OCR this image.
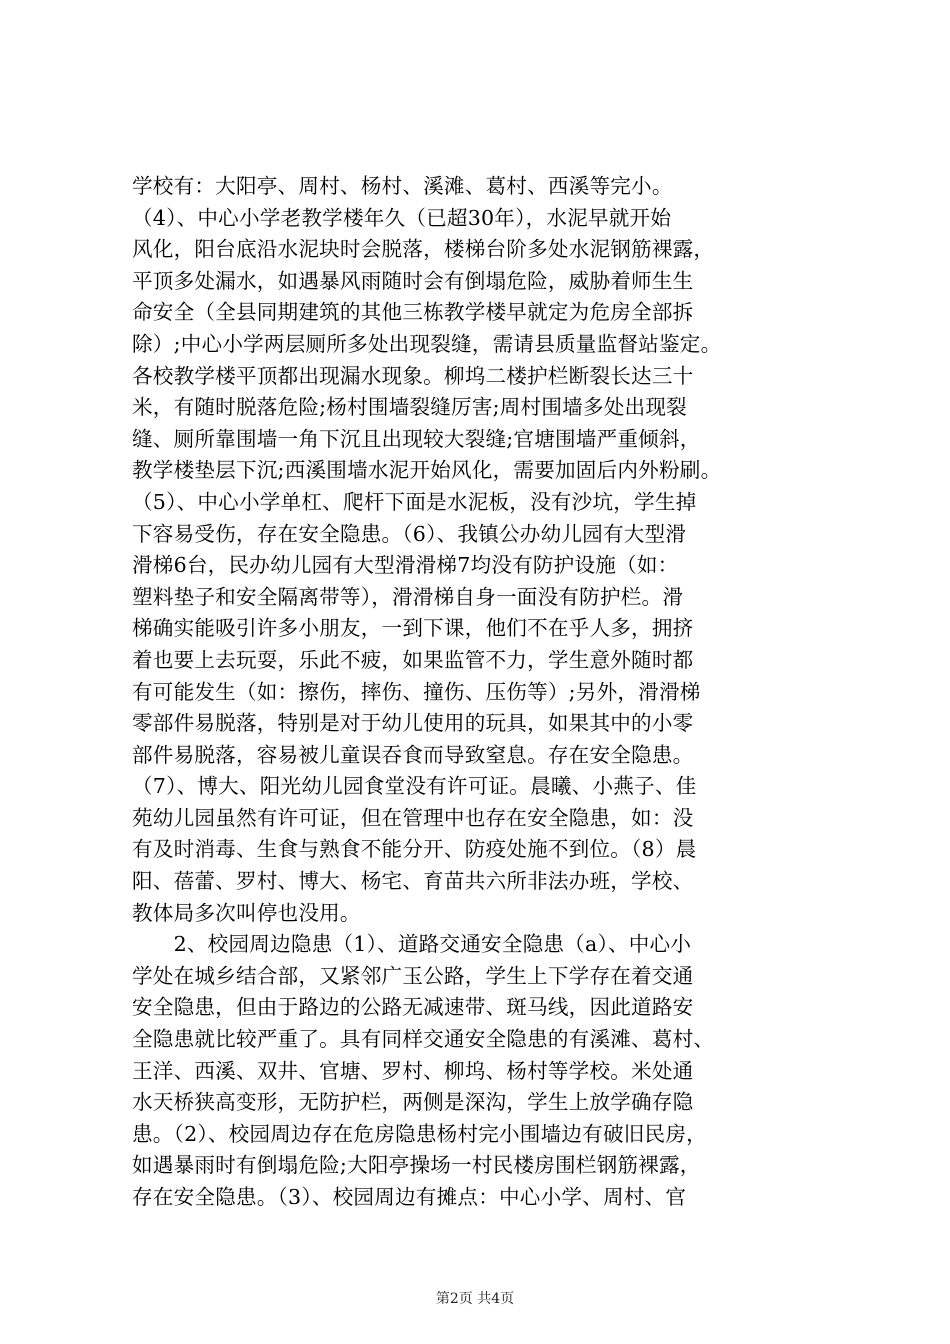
学校有：大阳亭、周村、杨村、溪滩、葛村、西溪等完小。
（4）、中心小学老教学楼年久（已超30年），水泥早就开始
风化，阳台底沿水泥块时会脱落，楼梯台阶多处水泥钢筋裸露，
平顶多处漏水，如遇暴风雨随时会有倒塌危险，威胁着师生生
命安全（全县同期建筑的其他三栋教学楼早就定为危房全部拆
除）;中心小学两层厕所多处出现裂缝，需请县质量监督站鉴定。
各校教学楼平顶都出现漏水现象。柳坞二楼护栏断裂长达三十
米，有随时脱落危险;杨村围墙裂缝厉害;周村围墙多处出现裂
缝、厕所靠围墙一角下沉且出现较大裂缝;官塘围墙严重倾斜，
教学楼垫层下沉;西溪围墙水泥开始风化，需要加固后内外粉刷。
（5）、中心小学单杠、爬杆下面是水泥板，没有沙坑，学生掉
下容易受伤，存在安全隐患。（6）、我镇公办幼儿园有大型滑
滑梯6台，民办幼儿园有大型滑滑梯7均没有防护设施（如：
塑料垫子和安全隔离带等），滑滑梯自身一面没有防护栏。滑
梯确实能吸引许多小朋友，一到下课，他们不在乎人多，拥挤
着也要上去玩耍，乐此不疲，如果监管不力，学生意外随时都
有可能发生（如：擦伤，摔伤、撞伤、压伤等）;另外，滑滑梯
零部件易脱落，特别是对于幼儿使用的玩具，如果其中的小零
部件易脱落，容易被儿童误吞食而导致窒息。存在安全隐患。
（7）、博大、阳光幼儿园食堂没有许可证。晨曦、小燕子、佳
苑幼儿园虽然有许可证，但在管理中也存在安全隐患，如：没
有及时消毒、生食与熟食不能分开、防疫处施不到位。（8）晨
阳、蓓蕾、罗村、博大、杨宅、育苗共六所非法办班，学校、
教体局多次叫停也没用。
　　2、校园周边隐患（1）、道路交通安全隐患（a）、中心小
学处在城乡结合部，又紧邻广玉公路，学生上下学存在着交通
安全隐患，但由于路边的公路无减速带、斑马线，因此道路安
全隐患就比较严重了。具有同样交通安全隐患的有溪滩、葛村、
王洋、西溪、双井、官塘、罗村、柳坞、杨村等学校。米处通
水天桥狭高变形，无防护栏，两侧是深沟，学生上放学确存隐
患。（2）、校园周边存在危房隐患杨村完小围墙边有破旧民房，
如遇暴雨时有倒塌危险;大阳亭操场一村民楼房围栏钢筋裸露，
存在安全隐患。（3）、校园周边有摊点：中心小学、周村、官
第2页 共4页
